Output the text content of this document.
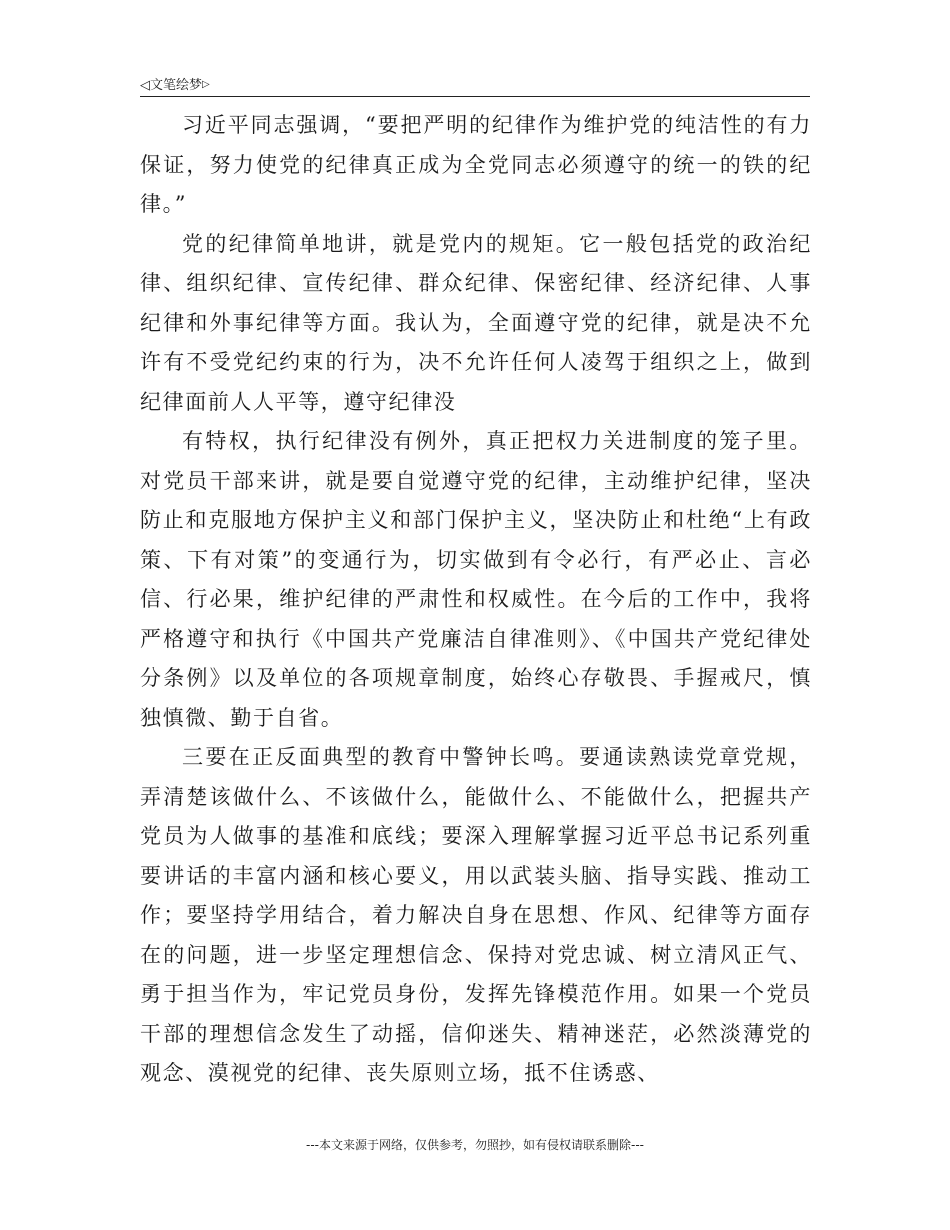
◁文笔绘梦▷

习近平同志强调，“要把严明的纪律作为维护党的纯洁性的有力保证，努力使党的纪律真正成为全党同志必须遵守的统一的铁的纪律。”

党的纪律简单地讲，就是党内的规矩。它一般包括党的政治纪律、组织纪律、宣传纪律、群众纪律、保密纪律、经济纪律、人事纪律和外事纪律等方面。我认为，全面遵守党的纪律，就是决不允许有不受党纪约束的行为，决不允许任何人凌驾于组织之上，做到纪律面前人人平等，遵守纪律没

有特权，执行纪律没有例外，真正把权力关进制度的笼子里。对党员干部来讲，就是要自觉遵守党的纪律，主动维护纪律，坚决防止和克服地方保护主义和部门保护主义，坚决防止和杜绝“上有政策、下有对策”的变通行为，切实做到有令必行，有严必止、言必信、行必果，维护纪律的严肃性和权威性。在今后的工作中，我将严格遵守和执行《中国共产党廉洁自律准则》、《中国共产党纪律处分条例》以及单位的各项规章制度，始终心存敬畏、手握戒尺，慎独慎微、勤于自省。

三要在正反面典型的教育中警钟长鸣。要通读熟读党章党规，弄清楚该做什么、不该做什么，能做什么、不能做什么，把握共产党员为人做事的基准和底线；要深入理解掌握习近平总书记系列重要讲话的丰富内涵和核心要义，用以武装头脑、指导实践、推动工作；要坚持学用结合，着力解决自身在思想、作风、纪律等方面存在的问题，进一步坚定理想信念、保持对党忠诚、树立清风正气、勇于担当作为，牢记党员身份，发挥先锋模范作用。如果一个党员干部的理想信念发生了动摇，信仰迷失、精神迷茫，必然淡薄党的观念、漠视党的纪律、丧失原则立场，抵不住诱惑、

---本文来源于网络，仅供参考，勿照抄，如有侵权请联系删除---
